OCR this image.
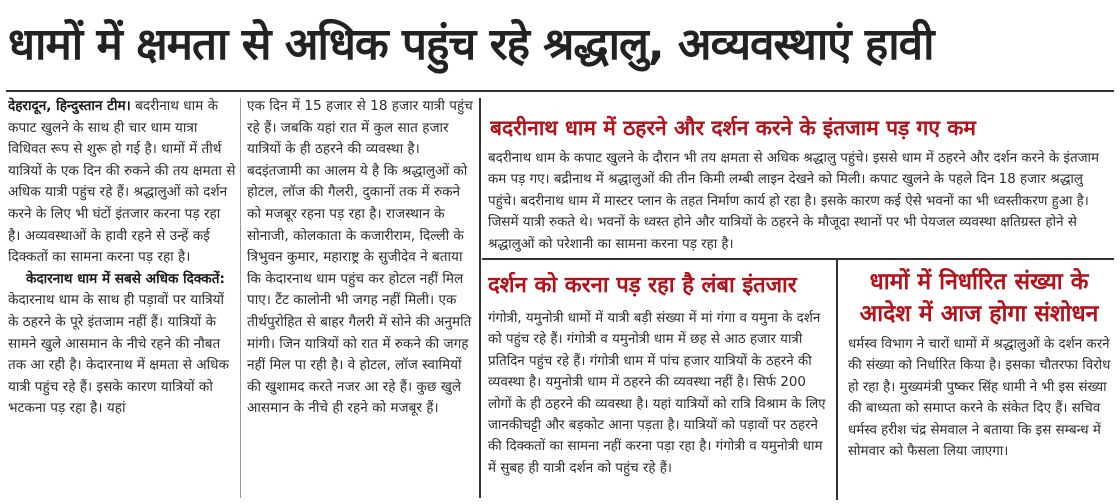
धामों में क्षमता से अधिक पहुंच रहे श्रद्धालु, अव्यवस्थाएं हावी

देहरादून, हिन्दुस्तान टीम। बदरीनाथ धाम के कपाट खुलने के साथ ही चार धाम यात्रा विधिवत रूप से शुरू हो गई है। धामों में तीर्थ यात्रियों के एक दिन की रुकने की तय क्षमता से अधिक यात्री पहुंच रहे हैं। श्रद्धालुओं को दर्शन करने के लिए भी घंटों इंतजार करना पड़ रहा है। अव्यवस्थाओं के हावी रहने से उन्हें कई दिक्कतों का सामना करना पड़ रहा है।

केदारनाथ धाम में सबसे अधिक दिक्कतें: केदारनाथ धाम के साथ ही पड़ावों पर यात्रियों के ठहरने के पूरे इंतजाम नहीं हैं। यात्रियों के सामने खुले आसमान के नीचे रहने की नौबत तक आ रही है। केदारनाथ में क्षमता से अधिक यात्री पहुंच रहे हैं। इसके कारण यात्रियों को भटकना पड़ रहा है। यहां

एक दिन में 15 हजार से 18 हजार यात्री पहुंच रहे हैं। जबकि यहां रात में कुल सात हजार यात्रियों के ही ठहरने की व्यवस्था है। बदइंतजामी का आलम ये है कि श्रद्धालुओं को होटल, लॉज की गैलरी, दुकानों तक में रुकने को मजबूर रहना पड़ रहा है। राजस्थान के सोनाजी, कोलकाता के कजारीराम, दिल्ली के त्रिभुवन कुमार, महाराष्ट्र के सुजीदेव ने बताया कि केदारनाथ धाम पहुंच कर होटल नहीं मिल पाए। टैंट कालोनी भी जगह नहीं मिली। एक तीर्थपुरोहित से बाहर गैलरी में सोने की अनुमति मांगी। जिन यात्रियों को रात में रुकने की जगह नहीं मिल पा रही है। वे होटल, लॉज स्वामियों की खुशामद करते नजर आ रहे हैं। कुछ खुले आसमान के नीचे ही रहने को मजबूर हैं।

बदरीनाथ धाम में ठहरने और दर्शन करने के इंतजाम पड़ गए कम

बदरीनाथ धाम के कपाट खुलने के दौरान भी तय क्षमता से अधिक श्रद्धालु पहुंचे। इससे धाम में ठहरने और दर्शन करने के इंतजाम कम पड़ गए। बद्रीनाथ में श्रद्धालुओं की तीन किमी लम्बी लाइन देखने को मिली। कपाट खुलने के पहले दिन 18 हजार श्रद्धालु पहुंचे। बदरीनाथ धाम में मास्टर प्लान के तहत निर्माण कार्य हो रहा है। इसके कारण कई ऐसे भवनों का भी ध्वस्तीकरण हुआ है। जिसमें यात्री रुकते थे। भवनों के ध्वस्त होने और यात्रियों के ठहरने के मौजूदा स्थानों पर भी पेयजल व्यवस्था क्षतिग्रस्त होने से श्रद्धालुओं को परेशानी का सामना करना पड़ रहा है।

दर्शन को करना पड़ रहा है लंबा इंतजार

गंगोत्री, यमुनोत्री धामों में यात्री बड़ी संख्या में मां गंगा व यमुना के दर्शन को पहुंच रहे हैं। गंगोत्री व यमुनोत्री धाम में छह से आठ हजार यात्री प्रतिदिन पहुंच रहे हैं। गंगोत्री धाम में पांच हजार यात्रियों के ठहरने की व्यवस्था है। यमुनोत्री धाम में ठहरने की व्यवस्था नहीं है। सिर्फ 200 लोगों के ही ठहरने की व्यवस्था है। यहां यात्रियों को रात्रि विश्राम के लिए जानकीचट्टी और बड़कोट आना पड़ता है। यात्रियों को पड़ावों पर ठहरने की दिक्कतों का सामना नहीं करना पड़ा रहा है। गंगोत्री व यमुनोत्री धाम में सुबह ही यात्री दर्शन को पहुंच रहे हैं।

धामों में निर्धारित संख्या के आदेश में आज होगा संशोधन

धर्मस्व विभाग ने चारों धामों में श्रद्धालुओं के दर्शन करने की संख्या को निर्धारित किया है। इसका चौतरफा विरोध हो रहा है। मुख्यमंत्री पुष्कर सिंह धामी ने भी इस संख्या की बाध्यता को समाप्त करने के संकेत दिए हैं। सचिव धर्मस्व हरीश चंद्र सेमवाल ने बताया कि इस सम्बन्ध में सोमवार को फैसला लिया जाएगा।
